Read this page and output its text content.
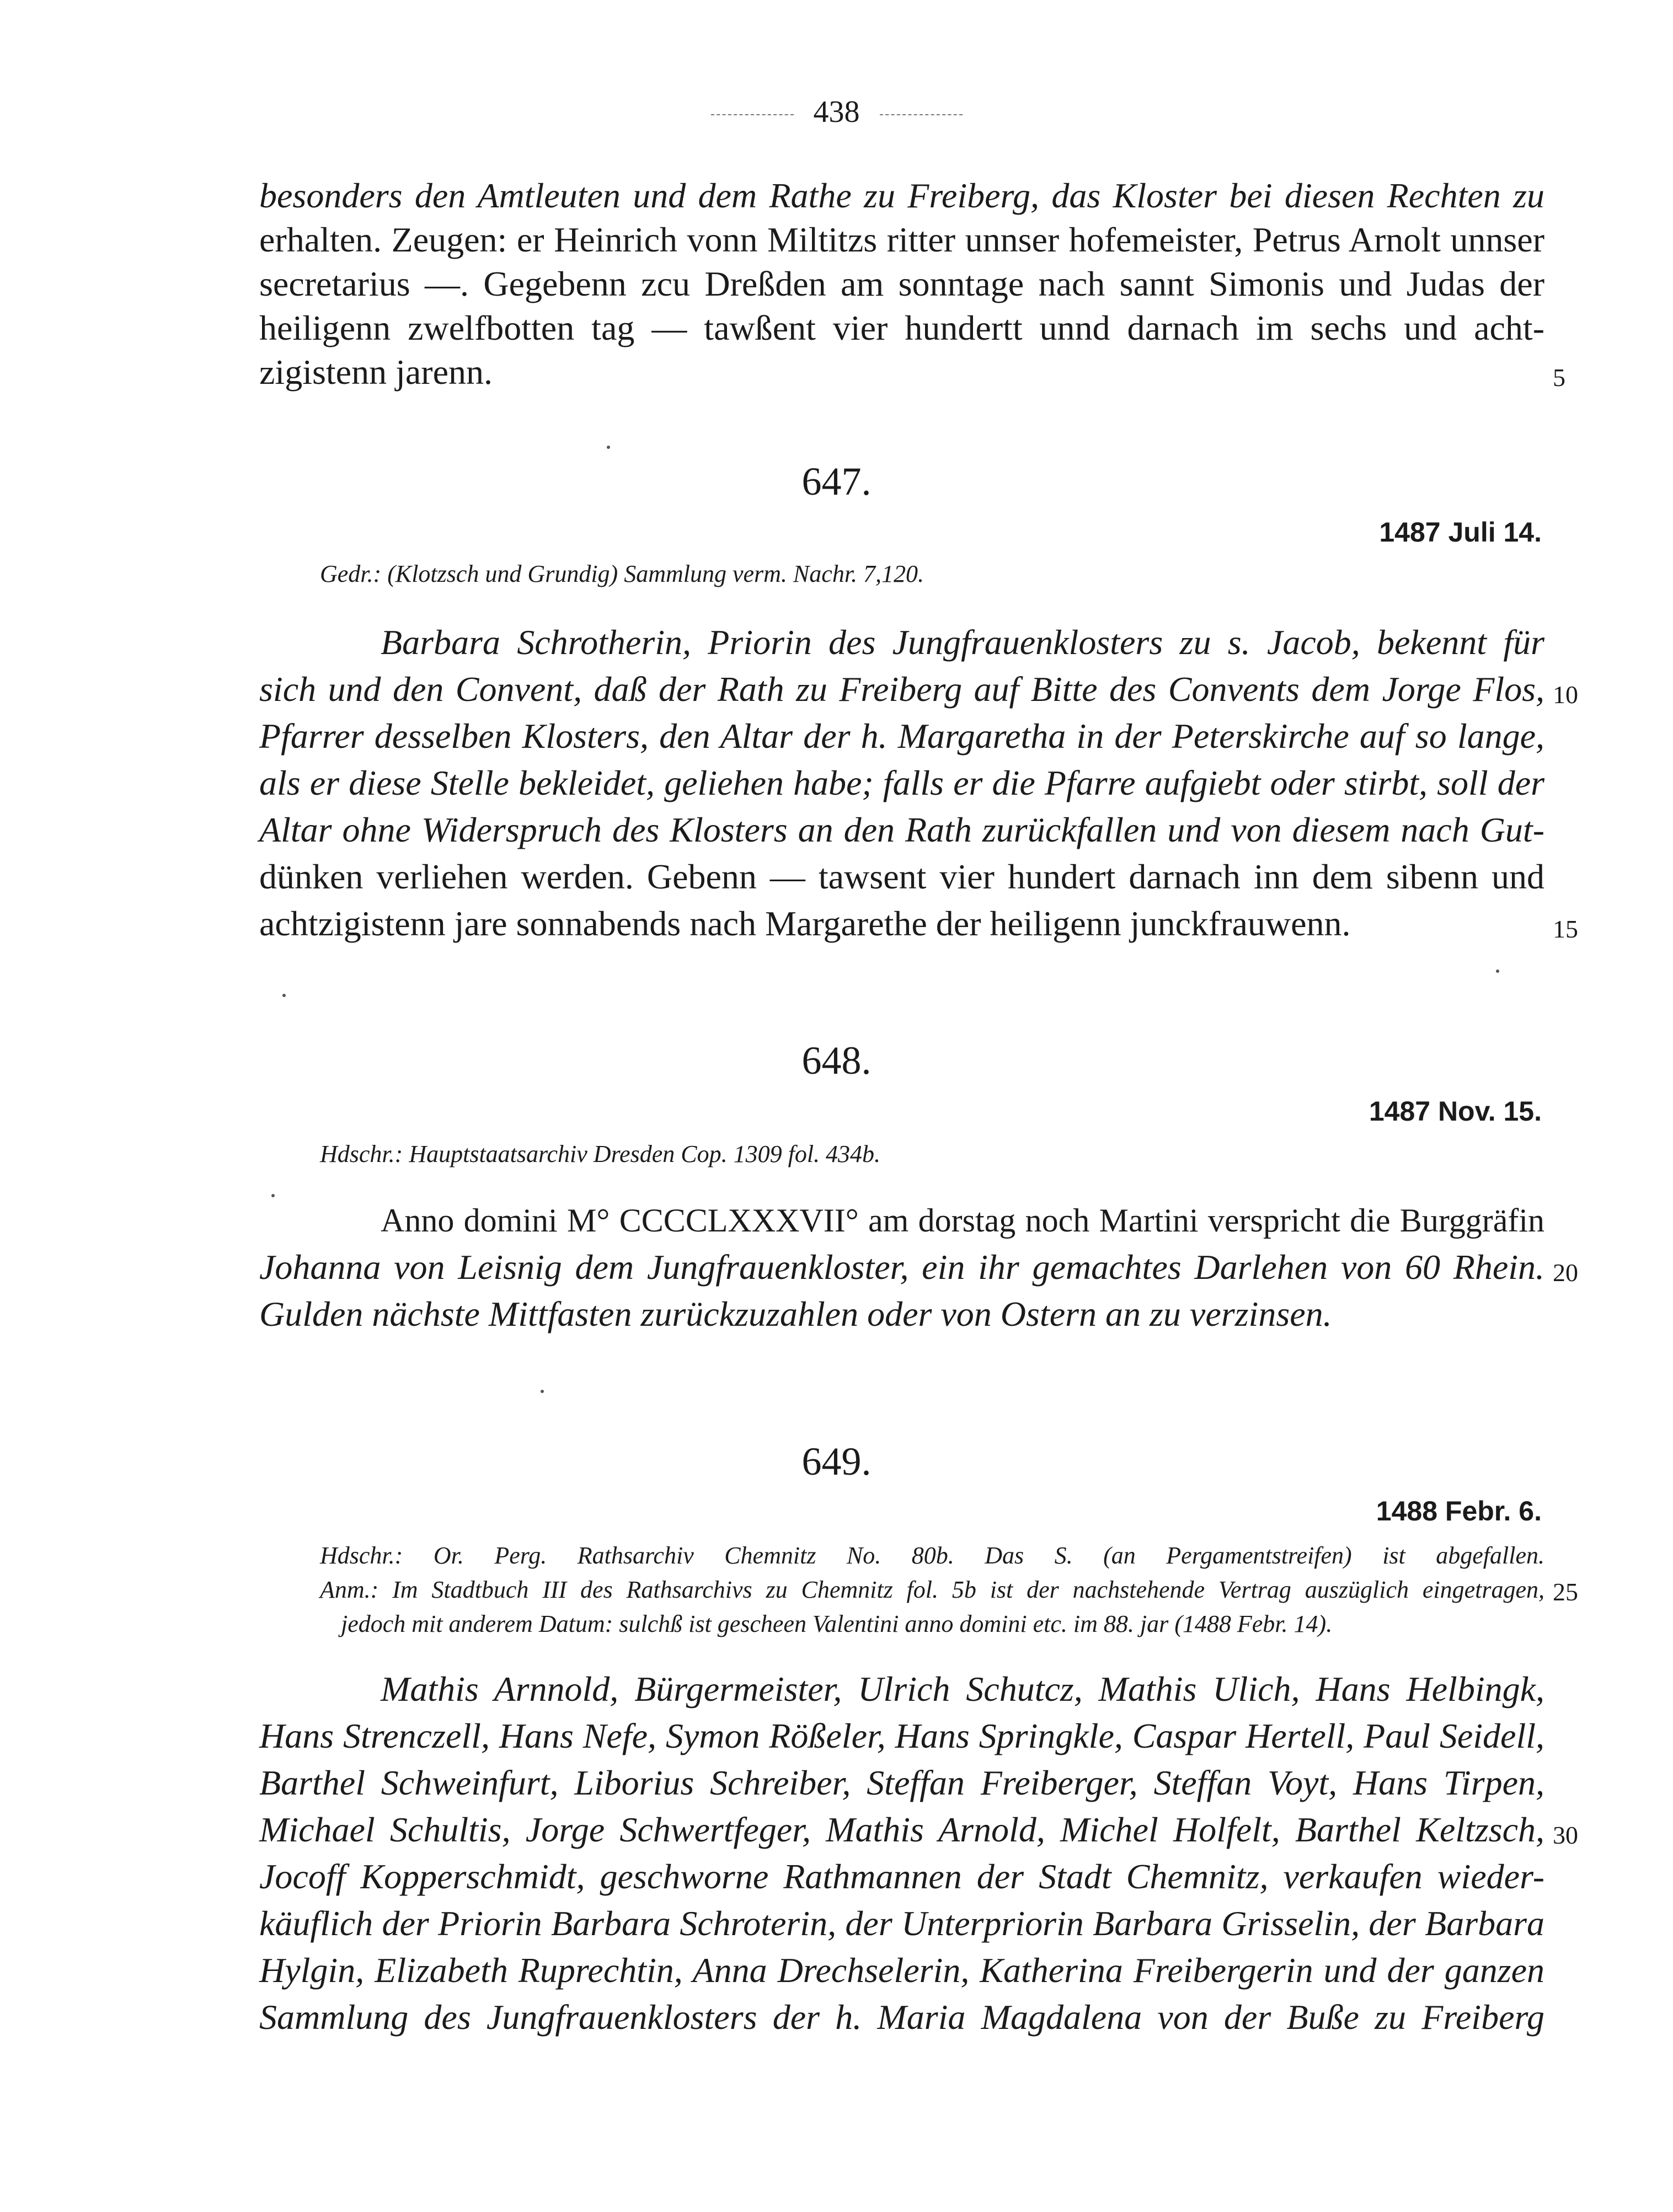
438
besonders den Amtleuten und dem Rathe zu Freiberg, das Kloster bei diesen Rechten zu
erhalten. Zeugen: er Heinrich vonn Miltitzs ritter unnser hofemeister, Petrus Arnolt unnser
secretarius —. Gegebenn zcu Dreßden am sonntage nach sannt Simonis und Judas der
heiligenn zwelfbotten tag — tawßent vier hundertt unnd darnach im sechs und acht-
zigistenn jarenn.	5
647.
1487 Juli 14.
Gedr.: (Klotzsch und Grundig) Sammlung verm. Nachr. 7,120.
Barbara Schrotherin, Priorin des Jungfrauenklosters zu s. Jacob, bekennt für
sich und den Convent, daß der Rath zu Freiberg auf Bitte des Convents dem Jorge Flos, 10
Pfarrer desselben Klosters, den Altar der h. Margaretha in der Peterskirche auf so lange,
als er diese Stelle bekleidet, geliehen habe; falls er die Pfarre aufgiebt oder stirbt, soll der
Altar ohne Widerspruch des Klosters an den Rath zurückfallen und von diesem nach Gut-
dünken verliehen werden. Gebenn — tawsent vier hundert darnach inn dem sibenn und
achtzigistenn jare sonnabends nach Margarethe der heiligenn junckfrauwenn.	15
648.
1487 Nov. 15.
Hdschr.: Hauptstaatsarchiv Dresden Cop. 1309 fol. 434b.
Anno domini M° CCCCLXXXVII° am dorstag noch Martini verspricht die Burggräfin
Johanna von Leisnig dem Jungfrauenkloster, ein ihr gemachtes Darlehen von 60 Rhein. 20
Gulden nächste Mittfasten zurückzuzahlen oder von Ostern an zu verzinsen.
649.
1488 Febr. 6.
Hdschr.: Or. Perg. Rathsarchiv Chemnitz No. 80b. Das S. (an Pergamentstreifen) ist abgefallen.
Anm.: Im Stadtbuch III des Rathsarchivs zu Chemnitz fol. 5b ist der nachstehende Vertrag auszüglich eingetragen, 25
jedoch mit anderem Datum: sulchß ist gescheen Valentini anno domini etc. im 88. jar (1488 Febr. 14).
Mathis Arnnold, Bürgermeister, Ulrich Schutcz, Mathis Ulich, Hans Helbingk,
Hans Strenczell, Hans Nefe, Symon Rößeler, Hans Springkle, Caspar Hertell, Paul Seidell,
Barthel Schweinfurt, Liborius Schreiber, Steffan Freiberger, Steffan Voyt, Hans Tirpen,
Michael Schultis, Jorge Schwertfeger, Mathis Arnold, Michel Holfelt, Barthel Keltzsch, 30
Jocoff Kopperschmidt, geschworne Rathmannen der Stadt Chemnitz, verkaufen wieder-
käuflich der Priorin Barbara Schroterin, der Unterpriorin Barbara Grisselin, der Barbara
Hylgin, Elizabeth Ruprechtin, Anna Drechselerin, Katherina Freibergerin und der ganzen
Sammlung des Jungfrauenklosters der h. Maria Magdalena von der Buße zu Freiberg
